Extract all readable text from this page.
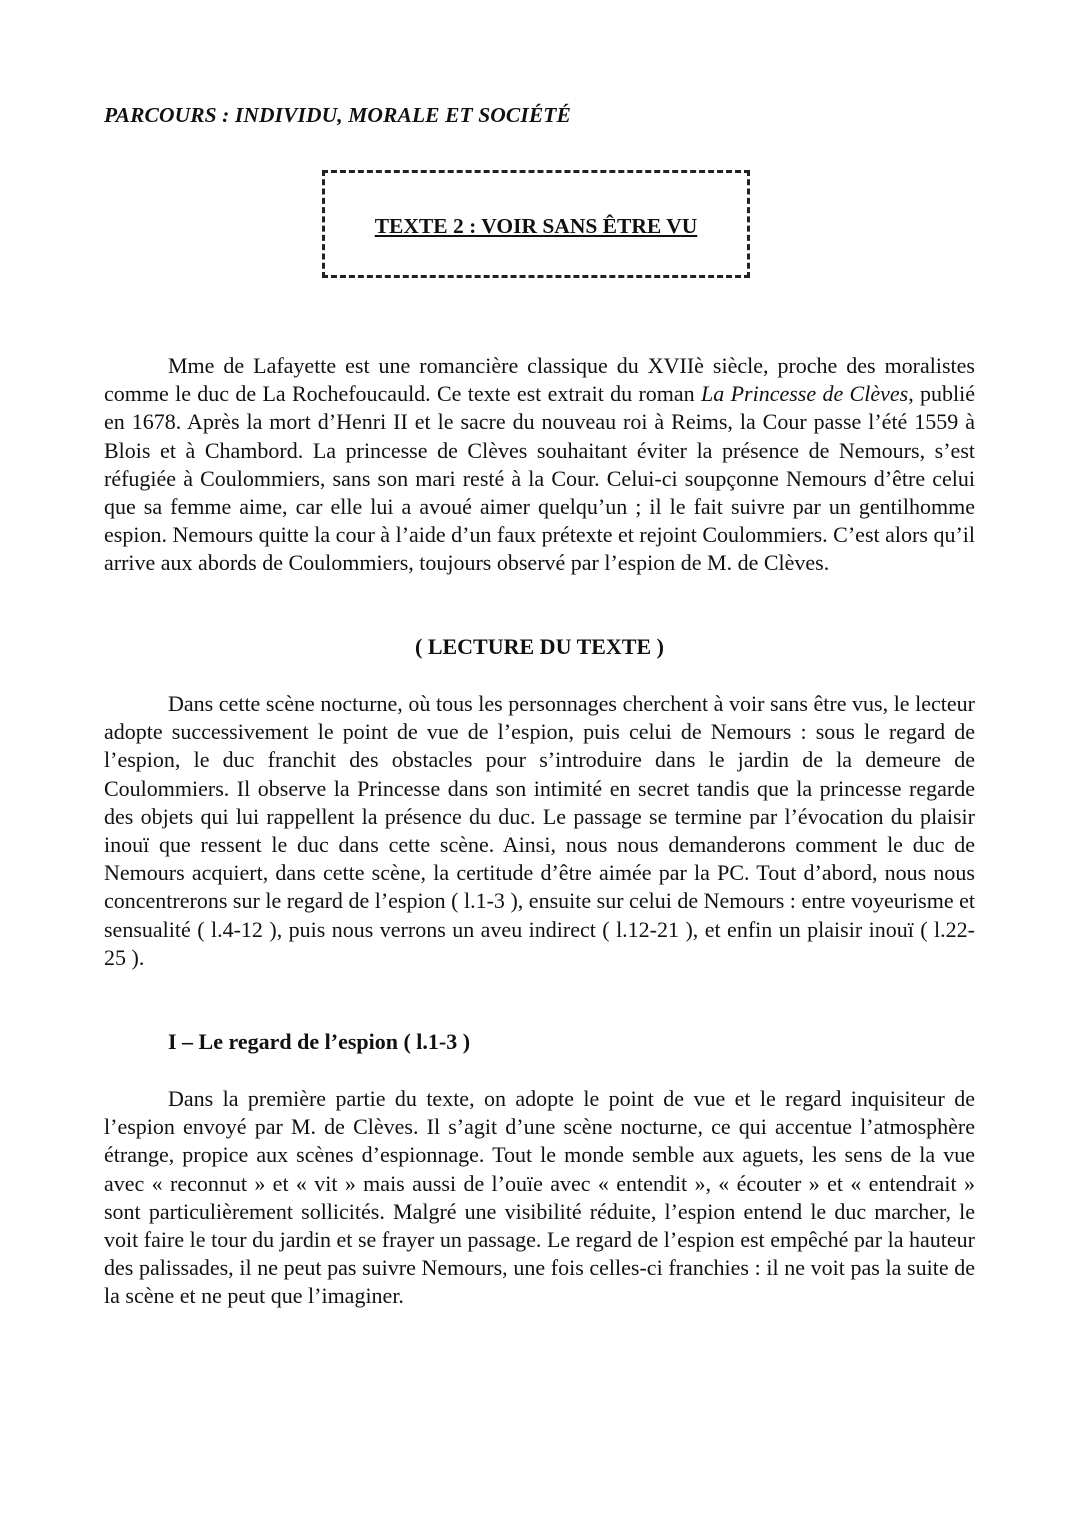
PARCOURS : INDIVIDU, MORALE ET SOCIÉTÉ
TEXTE 2 : VOIR SANS ÊTRE VU

Mme de Lafayette est une romancière classique du XVIIè siècle, proche des moralistes comme le duc de La Rochefoucauld. Ce texte est extrait du roman La Princesse de Clèves, publié en 1678. Après la mort d’Henri II et le sacre du nouveau roi à Reims, la Cour passe l’été 1559 à Blois et à Chambord. La princesse de Clèves souhaitant éviter la présence de Nemours, s’est réfugiée à Coulommiers, sans son mari resté à la Cour. Celui-ci soupçonne Nemours d’être celui que sa femme aime, car elle lui a avoué aimer quelqu’un ; il le fait suivre par un gentilhomme espion. Nemours quitte la cour à l’aide d’un faux prétexte et rejoint Coulommiers. C’est alors qu’il arrive aux abords de Coulommiers, toujours observé par l’espion de M. de Clèves.

( LECTURE DU TEXTE )

Dans cette scène nocturne, où tous les personnages cherchent à voir sans être vus, le lecteur adopte successivement le point de vue de l’espion, puis celui de Nemours : sous le regard de l’espion, le duc franchit des obstacles pour s’introduire dans le jardin de la demeure de Coulommiers. Il observe la Princesse dans son intimité en secret tandis que la princesse regarde des objets qui lui rappellent la présence du duc. Le passage se termine par l’évocation du plaisir inouï que ressent le duc dans cette scène. Ainsi, nous nous demanderons comment le duc de Nemours acquiert, dans cette scène, la certitude d’être aimée par la PC. Tout d’abord, nous nous concentrerons sur le regard de l’espion ( l.1-3 ), ensuite sur celui de Nemours : entre voyeurisme et sensualité ( l.4-12 ), puis nous verrons un aveu indirect ( l.12-21 ), et enfin un plaisir inouï ( l.22-25 ).

I – Le regard de l’espion ( l.1-3 )

Dans la première partie du texte, on adopte le point de vue et le regard inquisiteur de l’espion envoyé par M. de Clèves. Il s’agit d’une scène nocturne, ce qui accentue l’atmosphère étrange, propice aux scènes d’espionnage. Tout le monde semble aux aguets, les sens de la vue avec « reconnut » et « vit » mais aussi de l’ouïe avec « entendit », « écouter » et « entendrait » sont particulièrement sollicités. Malgré une visibilité réduite, l’espion entend le duc marcher, le voit faire le tour du jardin et se frayer un passage. Le regard de l’espion est empêché par la hauteur des palissades, il ne peut pas suivre Nemours, une fois celles-ci franchies : il ne voit pas la suite de la scène et ne peut que l’imaginer.
